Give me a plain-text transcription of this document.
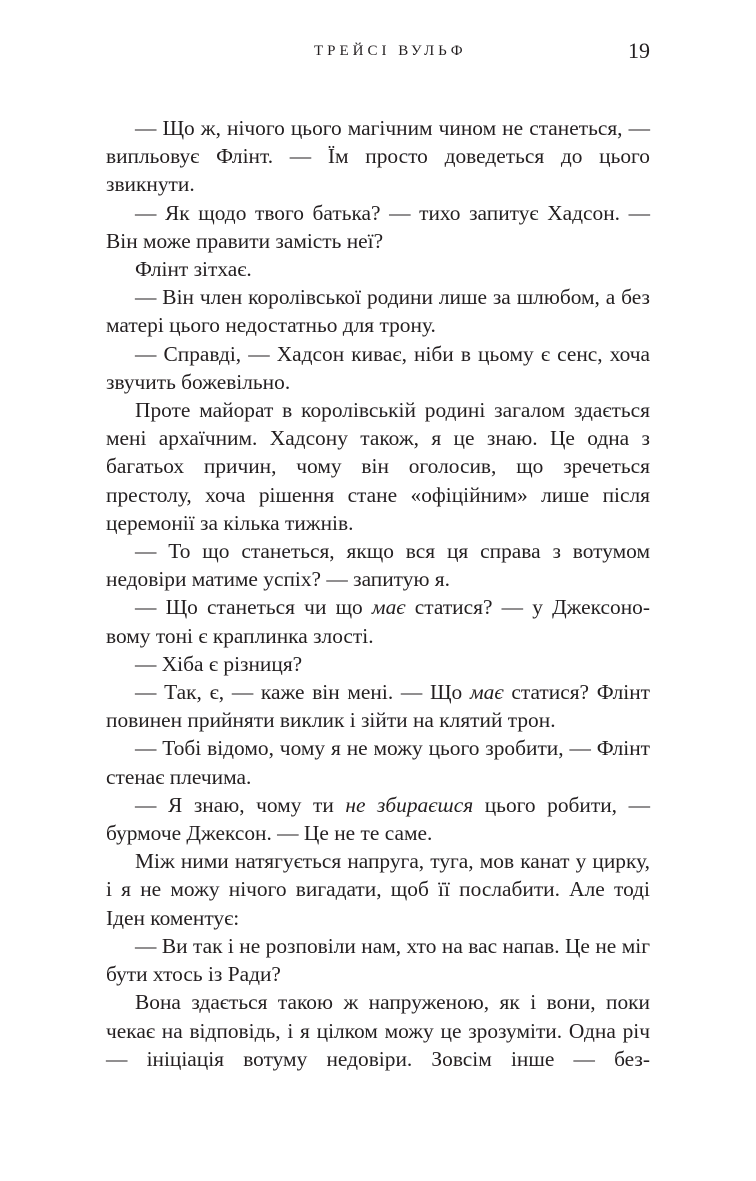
ТРЕЙСІ ВУЛЬФ	19

— Що ж, нічого цього магічним чином не станеться, — випльовує Флінт. — Їм просто доведеться до цього звикнути.

— Як щодо твого батька? — тихо запитує Хадсон. — Він може правити замість неї?

Флінт зітхає.

— Він член королівської родини лише за шлюбом, а без матері цього недостатньо для трону.

— Справді, — Хадсон киває, ніби в цьому є сенс, хоча звучить божевільно.

Проте майорат в королівській родині загалом здається мені архаїчним. Хадсону також, я це знаю. Це одна з багатьох причин, чому він оголосив, що зречеться престолу, хоча рішення стане «офіційним» лише після церемонії за кілька тижнів.

— То що станеться, якщо вся ця справа з вотумом недовіри матиме успіх? — запитую я.

— Що станеться чи що має статися? — у Джексоновому тоні є краплинка злості.

— Хіба є різниця?

— Так, є, — каже він мені. — Що має статися? Флінт повинен прийняти виклик і зійти на клятий трон.

— Тобі відомо, чому я не можу цього зробити, — Флінт стенає плечима.

— Я знаю, чому ти не збираєшся цього робити, — бурмоче Джексон. — Це не те саме.

Між ними натягується напруга, туга, мов канат у цирку, і я не можу нічого вигадати, щоб її послабити. Але тоді Іден коментує:

— Ви так і не розповіли нам, хто на вас напав. Це не міг бути хтось із Ради?

Вона здається такою ж напруженою, як і вони, поки чекає на відповідь, і я цілком можу це зрозуміти. Одна річ — ініціація вотуму недовіри. Зовсім інше — без-
